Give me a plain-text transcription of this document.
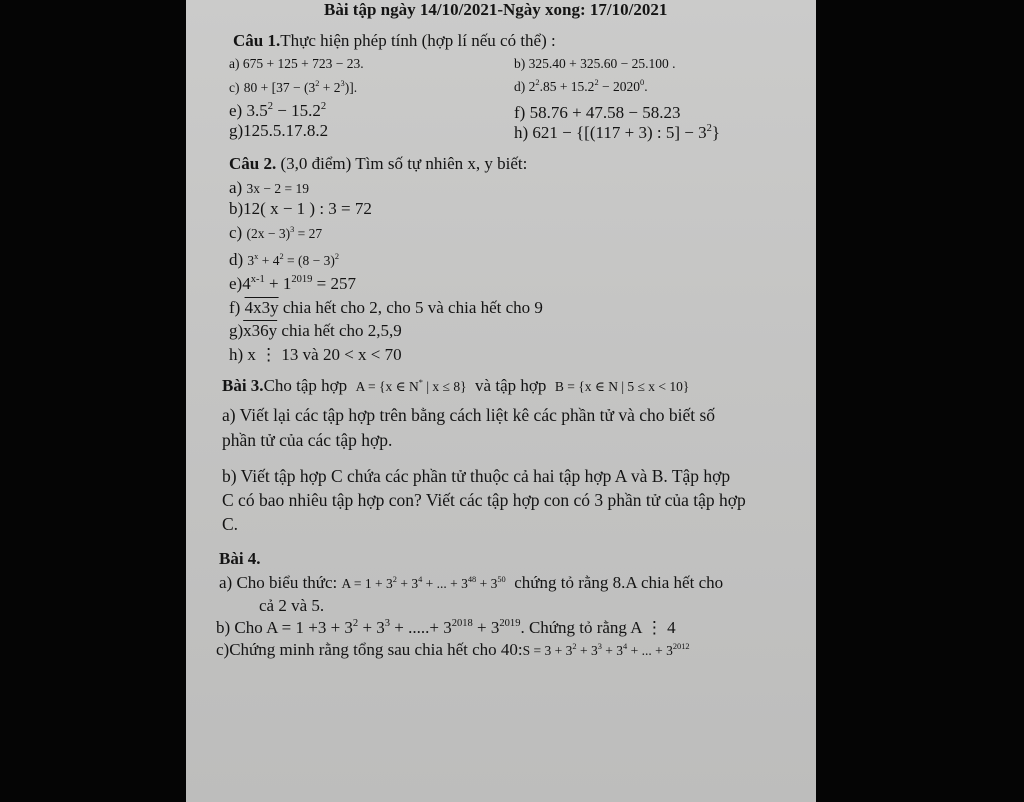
Bài tập ngày 14/10/2021-Ngày xong: 17/10/2021
Câu 1.Thực hiện phép tính (hợp lí nếu có thể) :
a) 675 + 125 + 723 − 23.	b) 325.40 + 325.60 − 25.100 .
c) $80 + [37 - (3^2 + 2^3)]$.	d) $2^2.85 + 15.2^2 - 2020^0$.
e) $3.5^2 - 15.2^2$	f) 58.76 + 47.58 − 58.23
g)125.5.17.8.2	h) 621 − {[(117 + 3) : $5] - 3^2$}
Câu 2. (3,0 điểm) Tìm số tự nhiên x, y biết:
a) 3x − 2 = 19
b)12( x − 1 ) : 3 = 72
c) $(2x - 3)^3 = 27$
d) $3^x + 4^2 = (8 - 3)^2$
$e)4^{x-1} + 1^{2019} = 257$
f) 4x3y chia hết cho 2, cho 5 và chia hết cho 9
g)x36y chia hết cho 2,5,9
h) x ⋮ 13 và 20 < x < 70
Bài 3.Cho tập hợp A = {x ∈ N* | x ≤ 8} và tập hợp B = {x ∈ N | 5 ≤ x < 10}
a) Viết lại các tập hợp trên bằng cách liệt kê các phần tử và cho biết số
phần tử của các tập hợp.
b) Viết tập hợp C chứa các phần tử thuộc cả hai tập hợp A và B. Tập hợp
C có bao nhiêu tập hợp con? Viết các tập hợp con có 3 phần tử của tập hợp
C.
Bài 4.
a) Cho biểu thức: $A = 1 + 3^2 + 3^4$ + ... + $3^{48} + 3^{50}$ chứng tỏ rằng 8.A chia hết cho
cả 2 và 5.
b) Cho $A = 1 +3 + 3^2 + 3^3$ + .....+ $3^{2018} + 3^{2019}$. Chứng tỏ rằng A ⋮ 4
c)Chứng minh rằng tổng sau chia hết cho 40:S = $3 + 3^2 + 3^3 + 3^4$ + ... + $3^{2012}$
